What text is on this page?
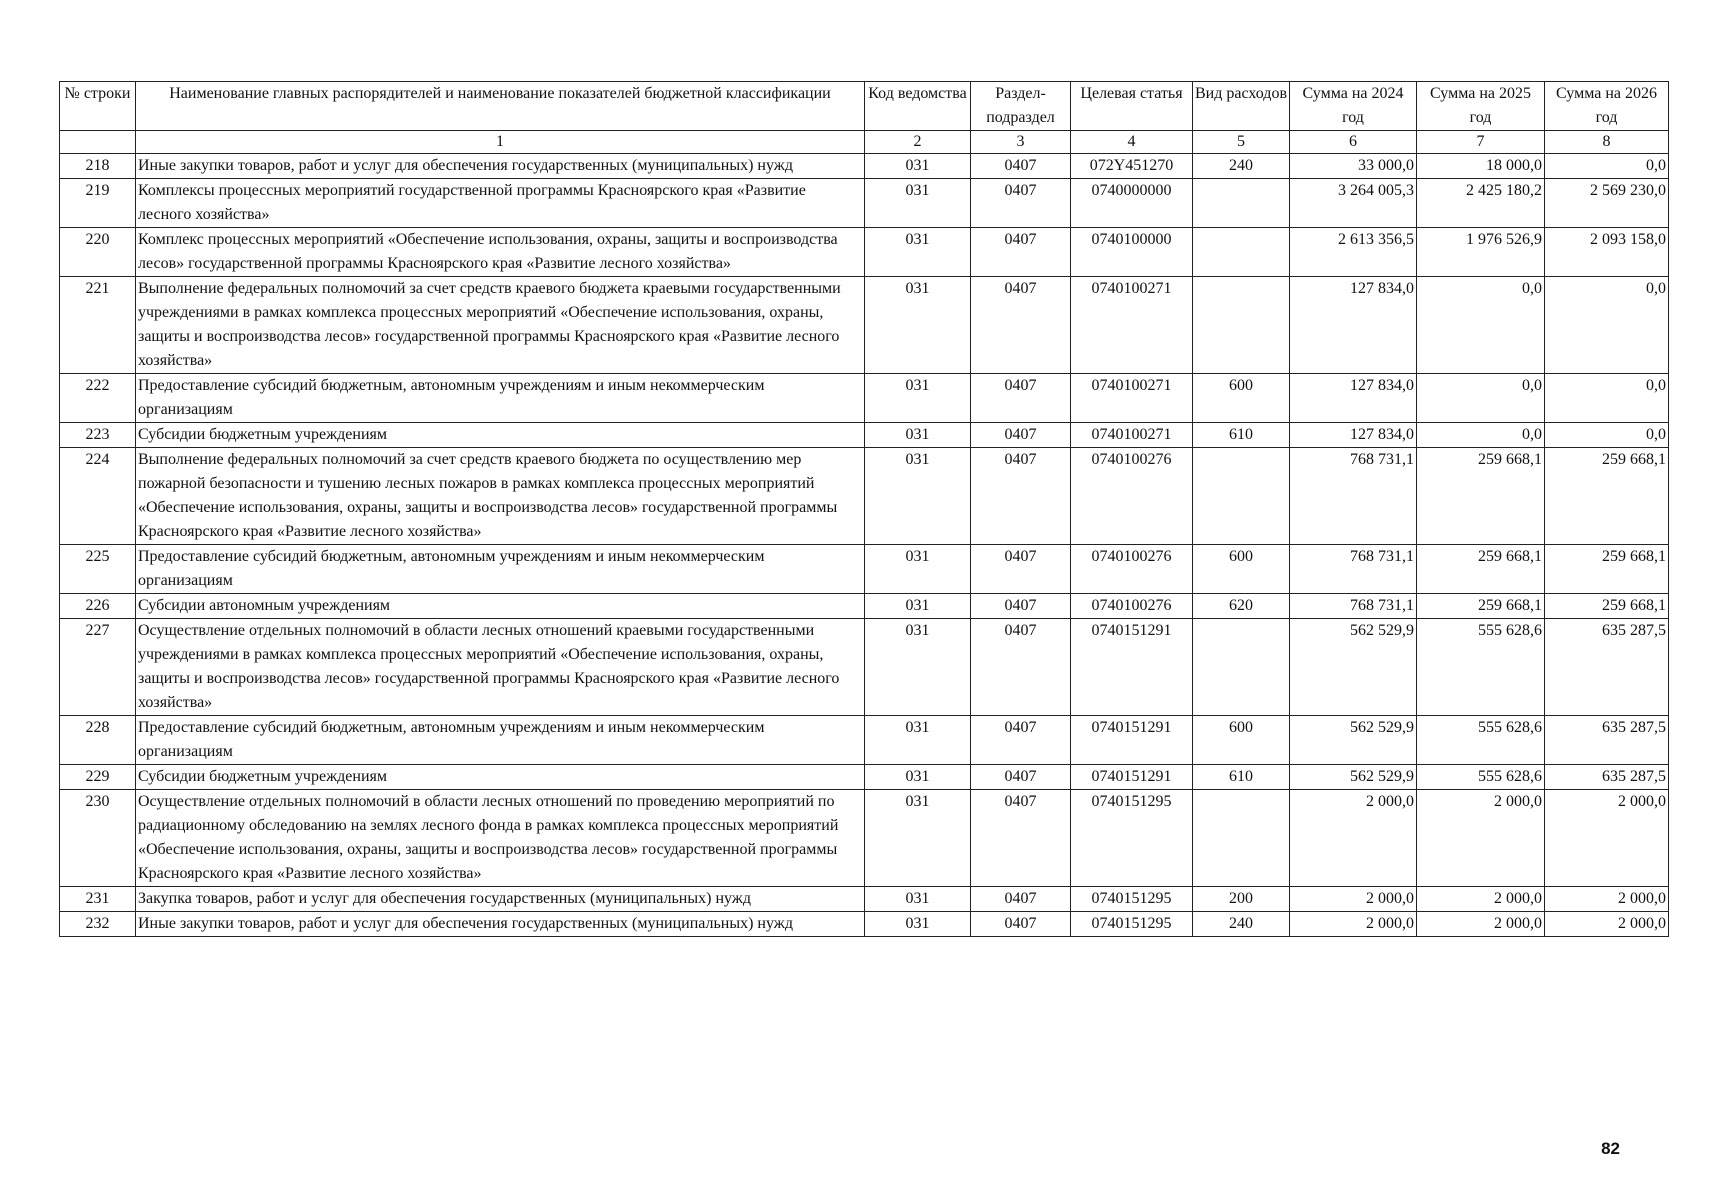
№ строки	Наименование главных распорядителей и наименование показателей бюджетной классификации	Код ведомства	Раздел-подраздел	Целевая статья	Вид расходов	Сумма на 2024 год	Сумма на 2025 год	Сумма на 2026 год
	1	2	3	4	5	6	7	8
218	Иные закупки товаров, работ и услуг для обеспечения государственных (муниципальных) нужд	031	0407	072Y451270	240	33 000,0	18 000,0	0,0
219	Комплексы процессных мероприятий государственной программы Красноярского края «Развитие лесного хозяйства»	031	0407	0740000000		3 264 005,3	2 425 180,2	2 569 230,0
220	Комплекс процессных мероприятий «Обеспечение использования, охраны, защиты и воспроизводства лесов» государственной программы Красноярского края «Развитие лесного хозяйства»	031	0407	0740100000		2 613 356,5	1 976 526,9	2 093 158,0
221	Выполнение федеральных полномочий за счет средств краевого бюджета краевыми государственными учреждениями в рамках комплекса процессных мероприятий «Обеспечение использования, охраны, защиты и воспроизводства лесов» государственной программы Красноярского края «Развитие лесного хозяйства»	031	0407	0740100271		127 834,0	0,0	0,0
222	Предоставление субсидий бюджетным, автономным учреждениям и иным некоммерческим организациям	031	0407	0740100271	600	127 834,0	0,0	0,0
223	Субсидии бюджетным учреждениям	031	0407	0740100271	610	127 834,0	0,0	0,0
224	Выполнение федеральных полномочий за счет средств краевого бюджета по осуществлению мер пожарной безопасности и тушению лесных пожаров в рамках комплекса процессных мероприятий «Обеспечение использования, охраны, защиты и воспроизводства лесов» государственной программы Красноярского края «Развитие лесного хозяйства»	031	0407	0740100276		768 731,1	259 668,1	259 668,1
225	Предоставление субсидий бюджетным, автономным учреждениям и иным некоммерческим организациям	031	0407	0740100276	600	768 731,1	259 668,1	259 668,1
226	Субсидии автономным учреждениям	031	0407	0740100276	620	768 731,1	259 668,1	259 668,1
227	Осуществление отдельных полномочий в области лесных отношений краевыми государственными учреждениями в рамках комплекса процессных мероприятий «Обеспечение использования, охраны, защиты и воспроизводства лесов» государственной программы Красноярского края «Развитие лесного хозяйства»	031	0407	0740151291		562 529,9	555 628,6	635 287,5
228	Предоставление субсидий бюджетным, автономным учреждениям и иным некоммерческим организациям	031	0407	0740151291	600	562 529,9	555 628,6	635 287,5
229	Субсидии бюджетным учреждениям	031	0407	0740151291	610	562 529,9	555 628,6	635 287,5
230	Осуществление отдельных полномочий в области лесных отношений по проведению мероприятий по радиационному обследованию на землях лесного фонда в рамках комплекса процессных мероприятий «Обеспечение использования, охраны, защиты и воспроизводства лесов» государственной программы Красноярского края «Развитие лесного хозяйства»	031	0407	0740151295		2 000,0	2 000,0	2 000,0
231	Закупка товаров, работ и услуг для обеспечения государственных (муниципальных) нужд	031	0407	0740151295	200	2 000,0	2 000,0	2 000,0
232	Иные закупки товаров, работ и услуг для обеспечения государственных (муниципальных) нужд	031	0407	0740151295	240	2 000,0	2 000,0	2 000,0
82
